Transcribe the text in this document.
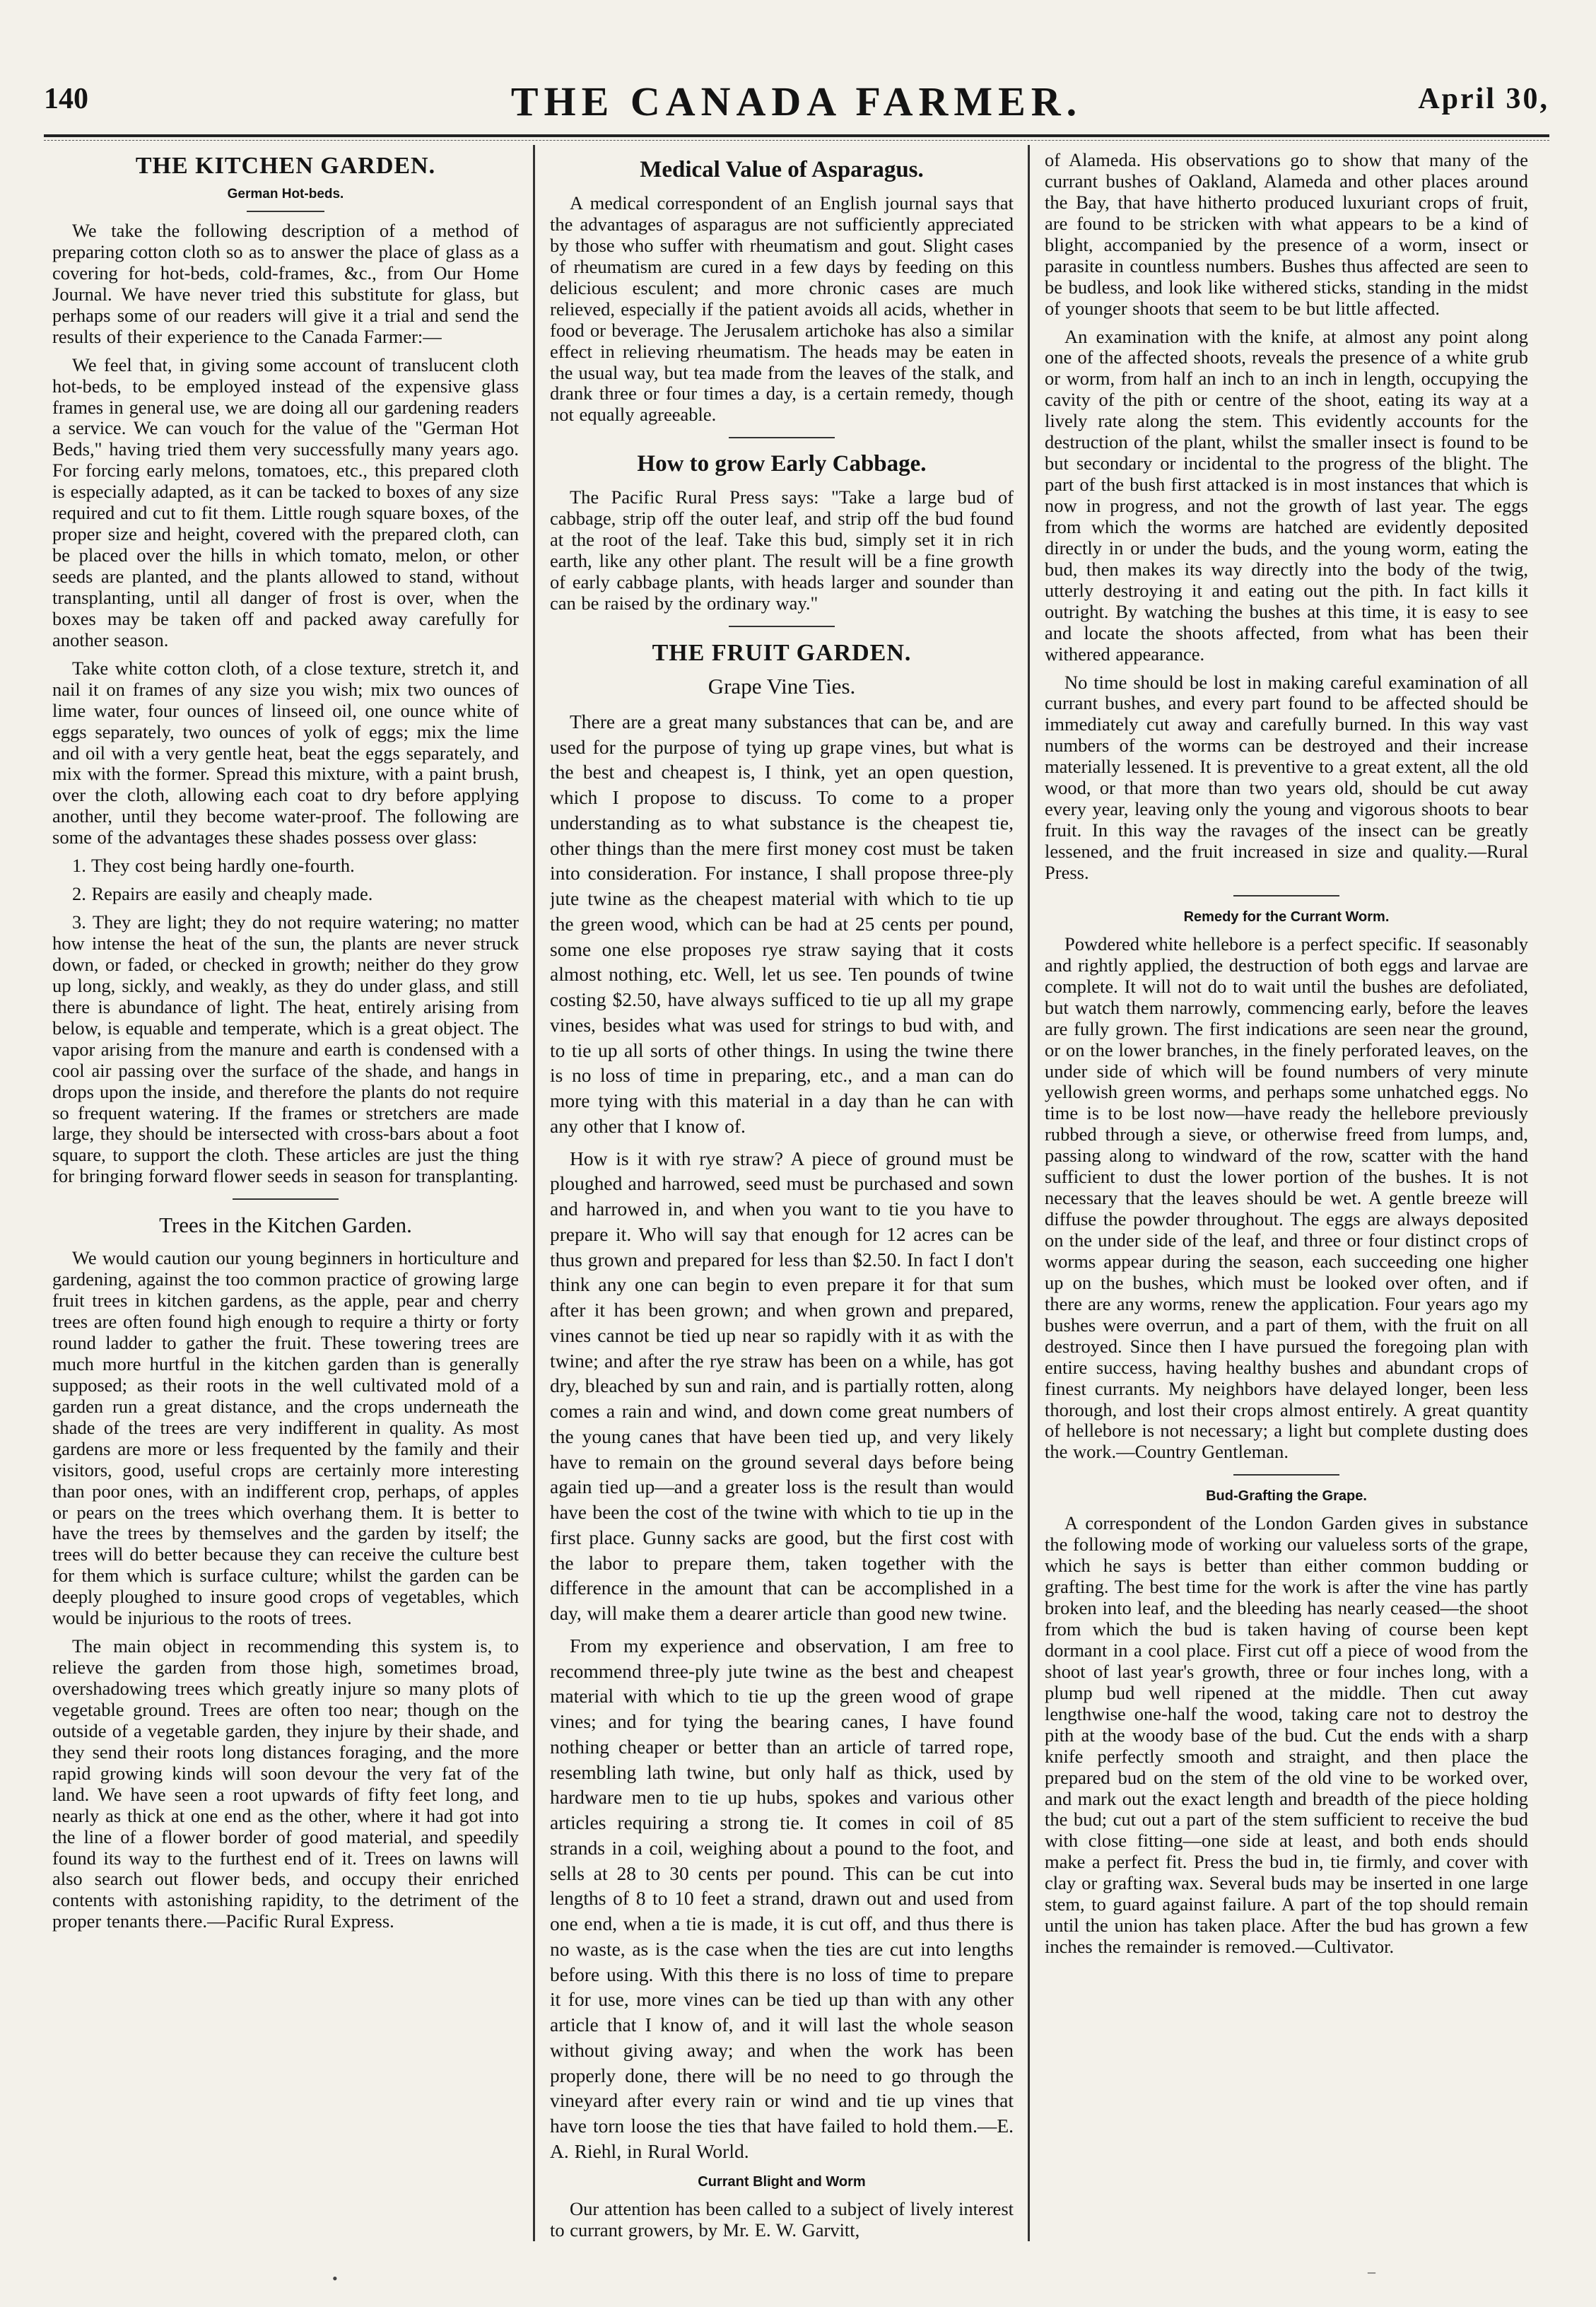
140	THE CANADA FARMER.	April 30,
THE KITCHEN GARDEN.
German Hot-beds.

We take the following description of a method of preparing cotton cloth so as to answer the place of glass as a covering for hot-beds, cold-frames, &c., from Our Home Journal. We have never tried this substitute for glass, but perhaps some of our readers will give it a trial and send the results of their experience to the Canada Farmer:—

We feel that, in giving some account of translucent cloth hot-beds, to be employed instead of the expensive glass frames in general use, we are doing all our gardening readers a service. We can vouch for the value of the "German Hot Beds," having tried them very successfully many years ago. For forcing early melons, tomatoes, etc., this prepared cloth is especially adapted, as it can be tacked to boxes of any size required and cut to fit them. Little rough square boxes, of the proper size and height, covered with the prepared cloth, can be placed over the hills in which tomato, melon, or other seeds are planted, and the plants allowed to stand, without transplanting, until all danger of frost is over, when the boxes may be taken off and packed away carefully for another season.

Take white cotton cloth, of a close texture, stretch it, and nail it on frames of any size you wish; mix two ounces of lime water, four ounces of linseed oil, one ounce white of eggs separately, two ounces of yolk of eggs; mix the lime and oil with a very gentle heat, beat the eggs separately, and mix with the former. Spread this mixture, with a paint brush, over the cloth, allowing each coat to dry before applying another, until they become water-proof. The following are some of the advantages these shades possess over glass:

1. They cost being hardly one-fourth.

2. Repairs are easily and cheaply made.

3. They are light; they do not require watering; no matter how intense the heat of the sun, the plants are never struck down, or faded, or checked in growth; neither do they grow up long, sickly, and weakly, as they do under glass, and still there is abundance of light. The heat, entirely arising from below, is equable and temperate, which is a great object. The vapor arising from the manure and earth is condensed with a cool air passing over the surface of the shade, and hangs in drops upon the inside, and therefore the plants do not require so frequent watering. If the frames or stretchers are made large, they should be intersected with cross-bars about a foot square, to support the cloth. These articles are just the thing for bringing forward flower seeds in season for transplanting.

Trees in the Kitchen Garden.

We would caution our young beginners in horticulture and gardening, against the too common practice of growing large fruit trees in kitchen gardens, as the apple, pear and cherry trees are often found high enough to require a thirty or forty round ladder to gather the fruit. These towering trees are much more hurtful in the kitchen garden than is generally supposed; as their roots in the well cultivated mold of a garden run a great distance, and the crops underneath the shade of the trees are very indifferent in quality. As most gardens are more or less frequented by the family and their visitors, good, useful crops are certainly more interesting than poor ones, with an indifferent crop, perhaps, of apples or pears on the trees which overhang them. It is better to have the trees by themselves and the garden by itself; the trees will do better because they can receive the culture best for them which is surface culture; whilst the garden can be deeply ploughed to insure good crops of vegetables, which would be injurious to the roots of trees.

The main object in recommending this system is, to relieve the garden from those high, sometimes broad, overshadowing trees which greatly injure so many plots of vegetable ground. Trees are often too near; though on the outside of a vegetable garden, they injure by their shade, and they send their roots long distances foraging, and the more rapid growing kinds will soon devour the very fat of the land. We have seen a root upwards of fifty feet long, and nearly as thick at one end as the other, where it had got into the line of a flower border of good material, and speedily found its way to the furthest end of it. Trees on lawns will also search out flower beds, and occupy their enriched contents with astonishing rapidity, to the detriment of the proper tenants there.—Pacific Rural Express.

Medical Value of Asparagus.

A medical correspondent of an English journal says that the advantages of asparagus are not sufficiently appreciated by those who suffer with rheumatism and gout. Slight cases of rheumatism are cured in a few days by feeding on this delicious esculent; and more chronic cases are much relieved, especially if the patient avoids all acids, whether in food or beverage. The Jerusalem artichoke has also a similar effect in relieving rheumatism. The heads may be eaten in the usual way, but tea made from the leaves of the stalk, and drank three or four times a day, is a certain remedy, though not equally agreeable.

How to grow Early Cabbage.

The Pacific Rural Press says: "Take a large bud of cabbage, strip off the outer leaf, and strip off the bud found at the root of the leaf. Take this bud, simply set it in rich earth, like any other plant. The result will be a fine growth of early cabbage plants, with heads larger and sounder than can be raised by the ordinary way."

THE FRUIT GARDEN.
Grape Vine Ties.

There are a great many substances that can be, and are used for the purpose of tying up grape vines, but what is the best and cheapest is, I think, yet an open question, which I propose to discuss. To come to a proper understanding as to what substance is the cheapest tie, other things than the mere first money cost must be taken into consideration. For instance, I shall propose three-ply jute twine as the cheapest material with which to tie up the green wood, which can be had at 25 cents per pound, some one else proposes rye straw saying that it costs almost nothing, etc. Well, let us see. Ten pounds of twine costing $2.50, have always sufficed to tie up all my grape vines, besides what was used for strings to bud with, and to tie up all sorts of other things. In using the twine there is no loss of time in preparing, etc., and a man can do more tying with this material in a day than he can with any other that I know of.

How is it with rye straw? A piece of ground must be ploughed and harrowed, seed must be purchased and sown and harrowed in, and when you want to tie you have to prepare it. Who will say that enough for 12 acres can be thus grown and prepared for less than $2.50. In fact I don't think any one can begin to even prepare it for that sum after it has been grown; and when grown and prepared, vines cannot be tied up near so rapidly with it as with the twine; and after the rye straw has been on a while, has got dry, bleached by sun and rain, and is partially rotten, along comes a rain and wind, and down come great numbers of the young canes that have been tied up, and very likely have to remain on the ground several days before being again tied up—and a greater loss is the result than would have been the cost of the twine with which to tie up in the first place. Gunny sacks are good, but the first cost with the labor to prepare them, taken together with the difference in the amount that can be accomplished in a day, will make them a dearer article than good new twine.

From my experience and observation, I am free to recommend three-ply jute twine as the best and cheapest material with which to tie up the green wood of grape vines; and for tying the bearing canes, I have found nothing cheaper or better than an article of tarred rope, resembling lath twine, but only half as thick, used by hardware men to tie up hubs, spokes and various other articles requiring a strong tie. It comes in coil of 85 strands in a coil, weighing about a pound to the foot, and sells at 28 to 30 cents per pound. This can be cut into lengths of 8 to 10 feet a strand, drawn out and used from one end, when a tie is made, it is cut off, and thus there is no waste, as is the case when the ties are cut into lengths before using. With this there is no loss of time to prepare it for use, more vines can be tied up than with any other article that I know of, and it will last the whole season without giving away; and when the work has been properly done, there will be no need to go through the vineyard after every rain or wind and tie up vines that have torn loose the ties that have failed to hold them.—E. A. Riehl, in Rural World.

Currant Blight and Worm

Our attention has been called to a subject of lively interest to currant growers, by Mr. E. W. Garvitt,

of Alameda. His observations go to show that many of the currant bushes of Oakland, Alameda and other places around the Bay, that have hitherto produced luxuriant crops of fruit, are found to be stricken with what appears to be a kind of blight, accompanied by the presence of a worm, insect or parasite in countless numbers. Bushes thus affected are seen to be budless, and look like withered sticks, standing in the midst of younger shoots that seem to be but little affected.

An examination with the knife, at almost any point along one of the affected shoots, reveals the presence of a white grub or worm, from half an inch to an inch in length, occupying the cavity of the pith or centre of the shoot, eating its way at a lively rate along the stem. This evidently accounts for the destruction of the plant, whilst the smaller insect is found to be but secondary or incidental to the progress of the blight. The part of the bush first attacked is in most instances that which is now in progress, and not the growth of last year. The eggs from which the worms are hatched are evidently deposited directly in or under the buds, and the young worm, eating the bud, then makes its way directly into the body of the twig, utterly destroying it and eating out the pith. In fact kills it outright. By watching the bushes at this time, it is easy to see and locate the shoots affected, from what has been their withered appearance.

No time should be lost in making careful examination of all currant bushes, and every part found to be affected should be immediately cut away and carefully burned. In this way vast numbers of the worms can be destroyed and their increase materially lessened. It is preventive to a great extent, all the old wood, or that more than two years old, should be cut away every year, leaving only the young and vigorous shoots to bear fruit. In this way the ravages of the insect can be greatly lessened, and the fruit increased in size and quality.—Rural Press.

Remedy for the Currant Worm.

Powdered white hellebore is a perfect specific. If seasonably and rightly applied, the destruction of both eggs and larvae are complete. It will not do to wait until the bushes are defoliated, but watch them narrowly, commencing early, before the leaves are fully grown. The first indications are seen near the ground, or on the lower branches, in the finely perforated leaves, on the under side of which will be found numbers of very minute yellowish green worms, and perhaps some unhatched eggs. No time is to be lost now—have ready the hellebore previously rubbed through a sieve, or otherwise freed from lumps, and, passing along to windward of the row, scatter with the hand sufficient to dust the lower portion of the bushes. It is not necessary that the leaves should be wet. A gentle breeze will diffuse the powder throughout. The eggs are always deposited on the under side of the leaf, and three or four distinct crops of worms appear during the season, each succeeding one higher up on the bushes, which must be looked over often, and if there are any worms, renew the application. Four years ago my bushes were overrun, and a part of them, with the fruit on all destroyed. Since then I have pursued the foregoing plan with entire success, having healthy bushes and abundant crops of finest currants. My neighbors have delayed longer, been less thorough, and lost their crops almost entirely. A great quantity of hellebore is not necessary; a light but complete dusting does the work.—Country Gentleman.

Bud-Grafting the Grape.

A correspondent of the London Garden gives in substance the following mode of working our valueless sorts of the grape, which he says is better than either common budding or grafting. The best time for the work is after the vine has partly broken into leaf, and the bleeding has nearly ceased—the shoot from which the bud is taken having of course been kept dormant in a cool place. First cut off a piece of wood from the shoot of last year's growth, three or four inches long, with a plump bud well ripened at the middle. Then cut away lengthwise one-half the wood, taking care not to destroy the pith at the woody base of the bud. Cut the ends with a sharp knife perfectly smooth and straight, and then place the prepared bud on the stem of the old vine to be worked over, and mark out the exact length and breadth of the piece holding the bud; cut out a part of the stem sufficient to receive the bud with close fitting—one side at least, and both ends should make a perfect fit. Press the bud in, tie firmly, and cover with clay or grafting wax. Several buds may be inserted in one large stem, to guard against failure. A part of the top should remain until the union has taken place. After the bud has grown a few inches the remainder is removed.—Cultivator.

•	–
